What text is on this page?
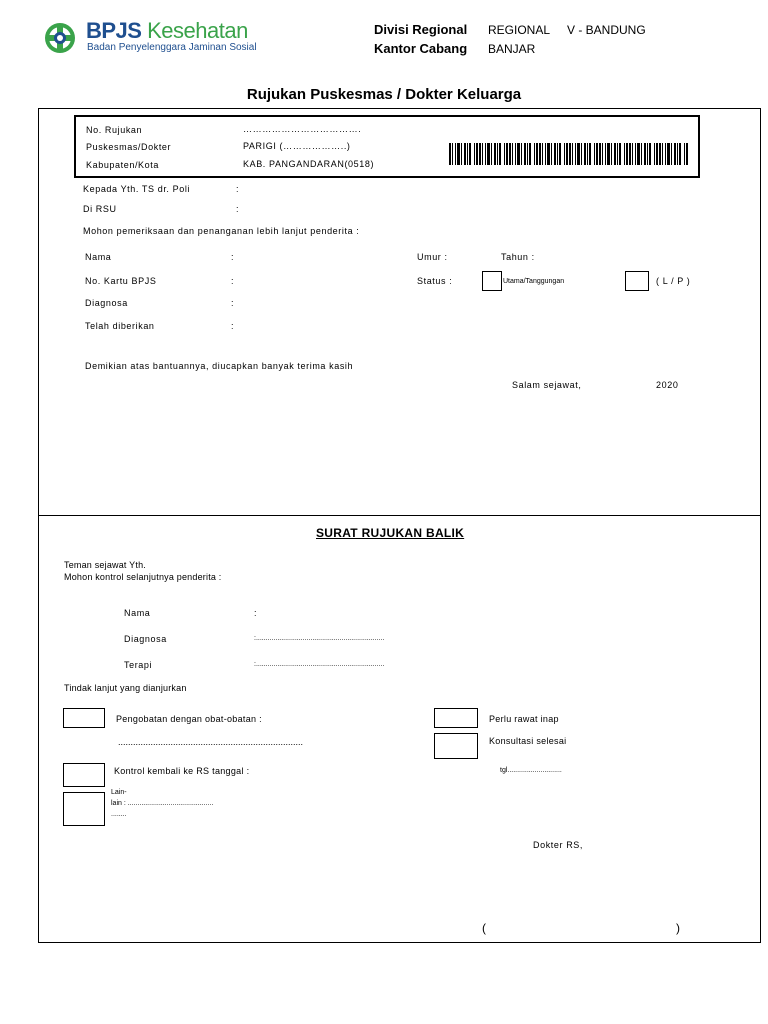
BPJS Kesehatan
Badan Penyelenggara Jaminan Sosial
Divisi Regional REGIONAL V - BANDUNG
Kantor Cabang BANJAR
Rujukan Puskesmas / Dokter Keluarga
No. Rujukan	……………………………….
Puskesmas/Dokter	PARIGI (………………..)
Kabupaten/Kota	KAB. PANGANDARAN(0518)
Kepada Yth. TS dr. Poli	:
Di RSU	:
Mohon pemeriksaan dan penanganan lebih lanjut penderita :
Nama	:	Umur :	Tahun :
No. Kartu BPJS	:	Status :	Utama/Tanggungan	( L / P )
Diagnosa	:
Telah diberikan	:
Demikian atas bantuannya, diucapkan banyak terima kasih
Salam sejawat,	2020
SURAT RUJUKAN BALIK
Teman sejawat Yth.
Mohon kontrol selanjutnya penderita :
Nama	:
Diagnosa	:..................................................................
Terapi	:..................................................................
Tindak lanjut yang dianjurkan
Pengobatan dengan obat-obatan :
..........................................................................
Perlu rawat inap
Konsultasi selesai
Kontrol kembali ke RS tanggal :	tgl............................
Lain-
lain : ............................................
........
Dokter RS,
(	)
